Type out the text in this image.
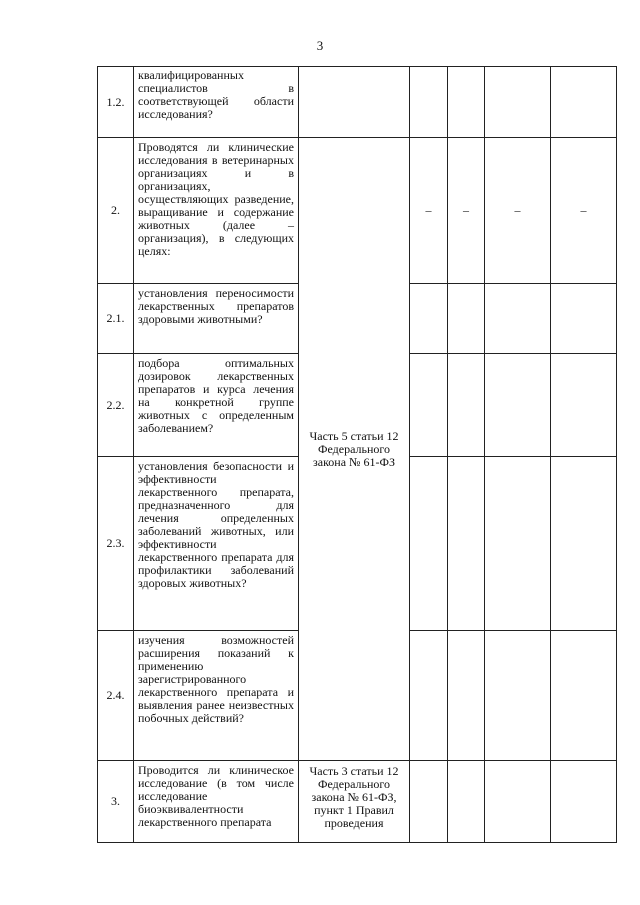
3
1.2.	квалифицированных специалистов в соответствующей области исследования?					
2.	Проводятся ли клинические исследования в ветеринарных организациях и в организациях, осуществляющих разведение, выращивание и содержание животных (далее – организация), в следующих целях:	Часть 5 статьи 12 Федерального закона № 61-ФЗ	–	–	–	–
2.1.	установления переносимости лекарственных препаратов здоровыми животными?					
2.2.	подбора оптимальных дозировок лекарственных препаратов и курса лечения на конкретной группе животных с определенным заболеванием?					
2.3.	установления безопасности и эффективности лекарственного препарата, предназначенного для лечения определенных заболеваний животных, или эффективности лекарственного препарата для профилактики заболеваний здоровых животных?					
2.4.	изучения возможностей расширения показаний к применению зарегистрированного лекарственного препарата и выявления ранее неизвестных побочных действий?					
3.	Проводится ли клиническое исследование (в том числе исследование биоэквивалентности лекарственного препарата	Часть 3 статьи 12 Федерального закона № 61-ФЗ, пункт 1 Правил проведения				
